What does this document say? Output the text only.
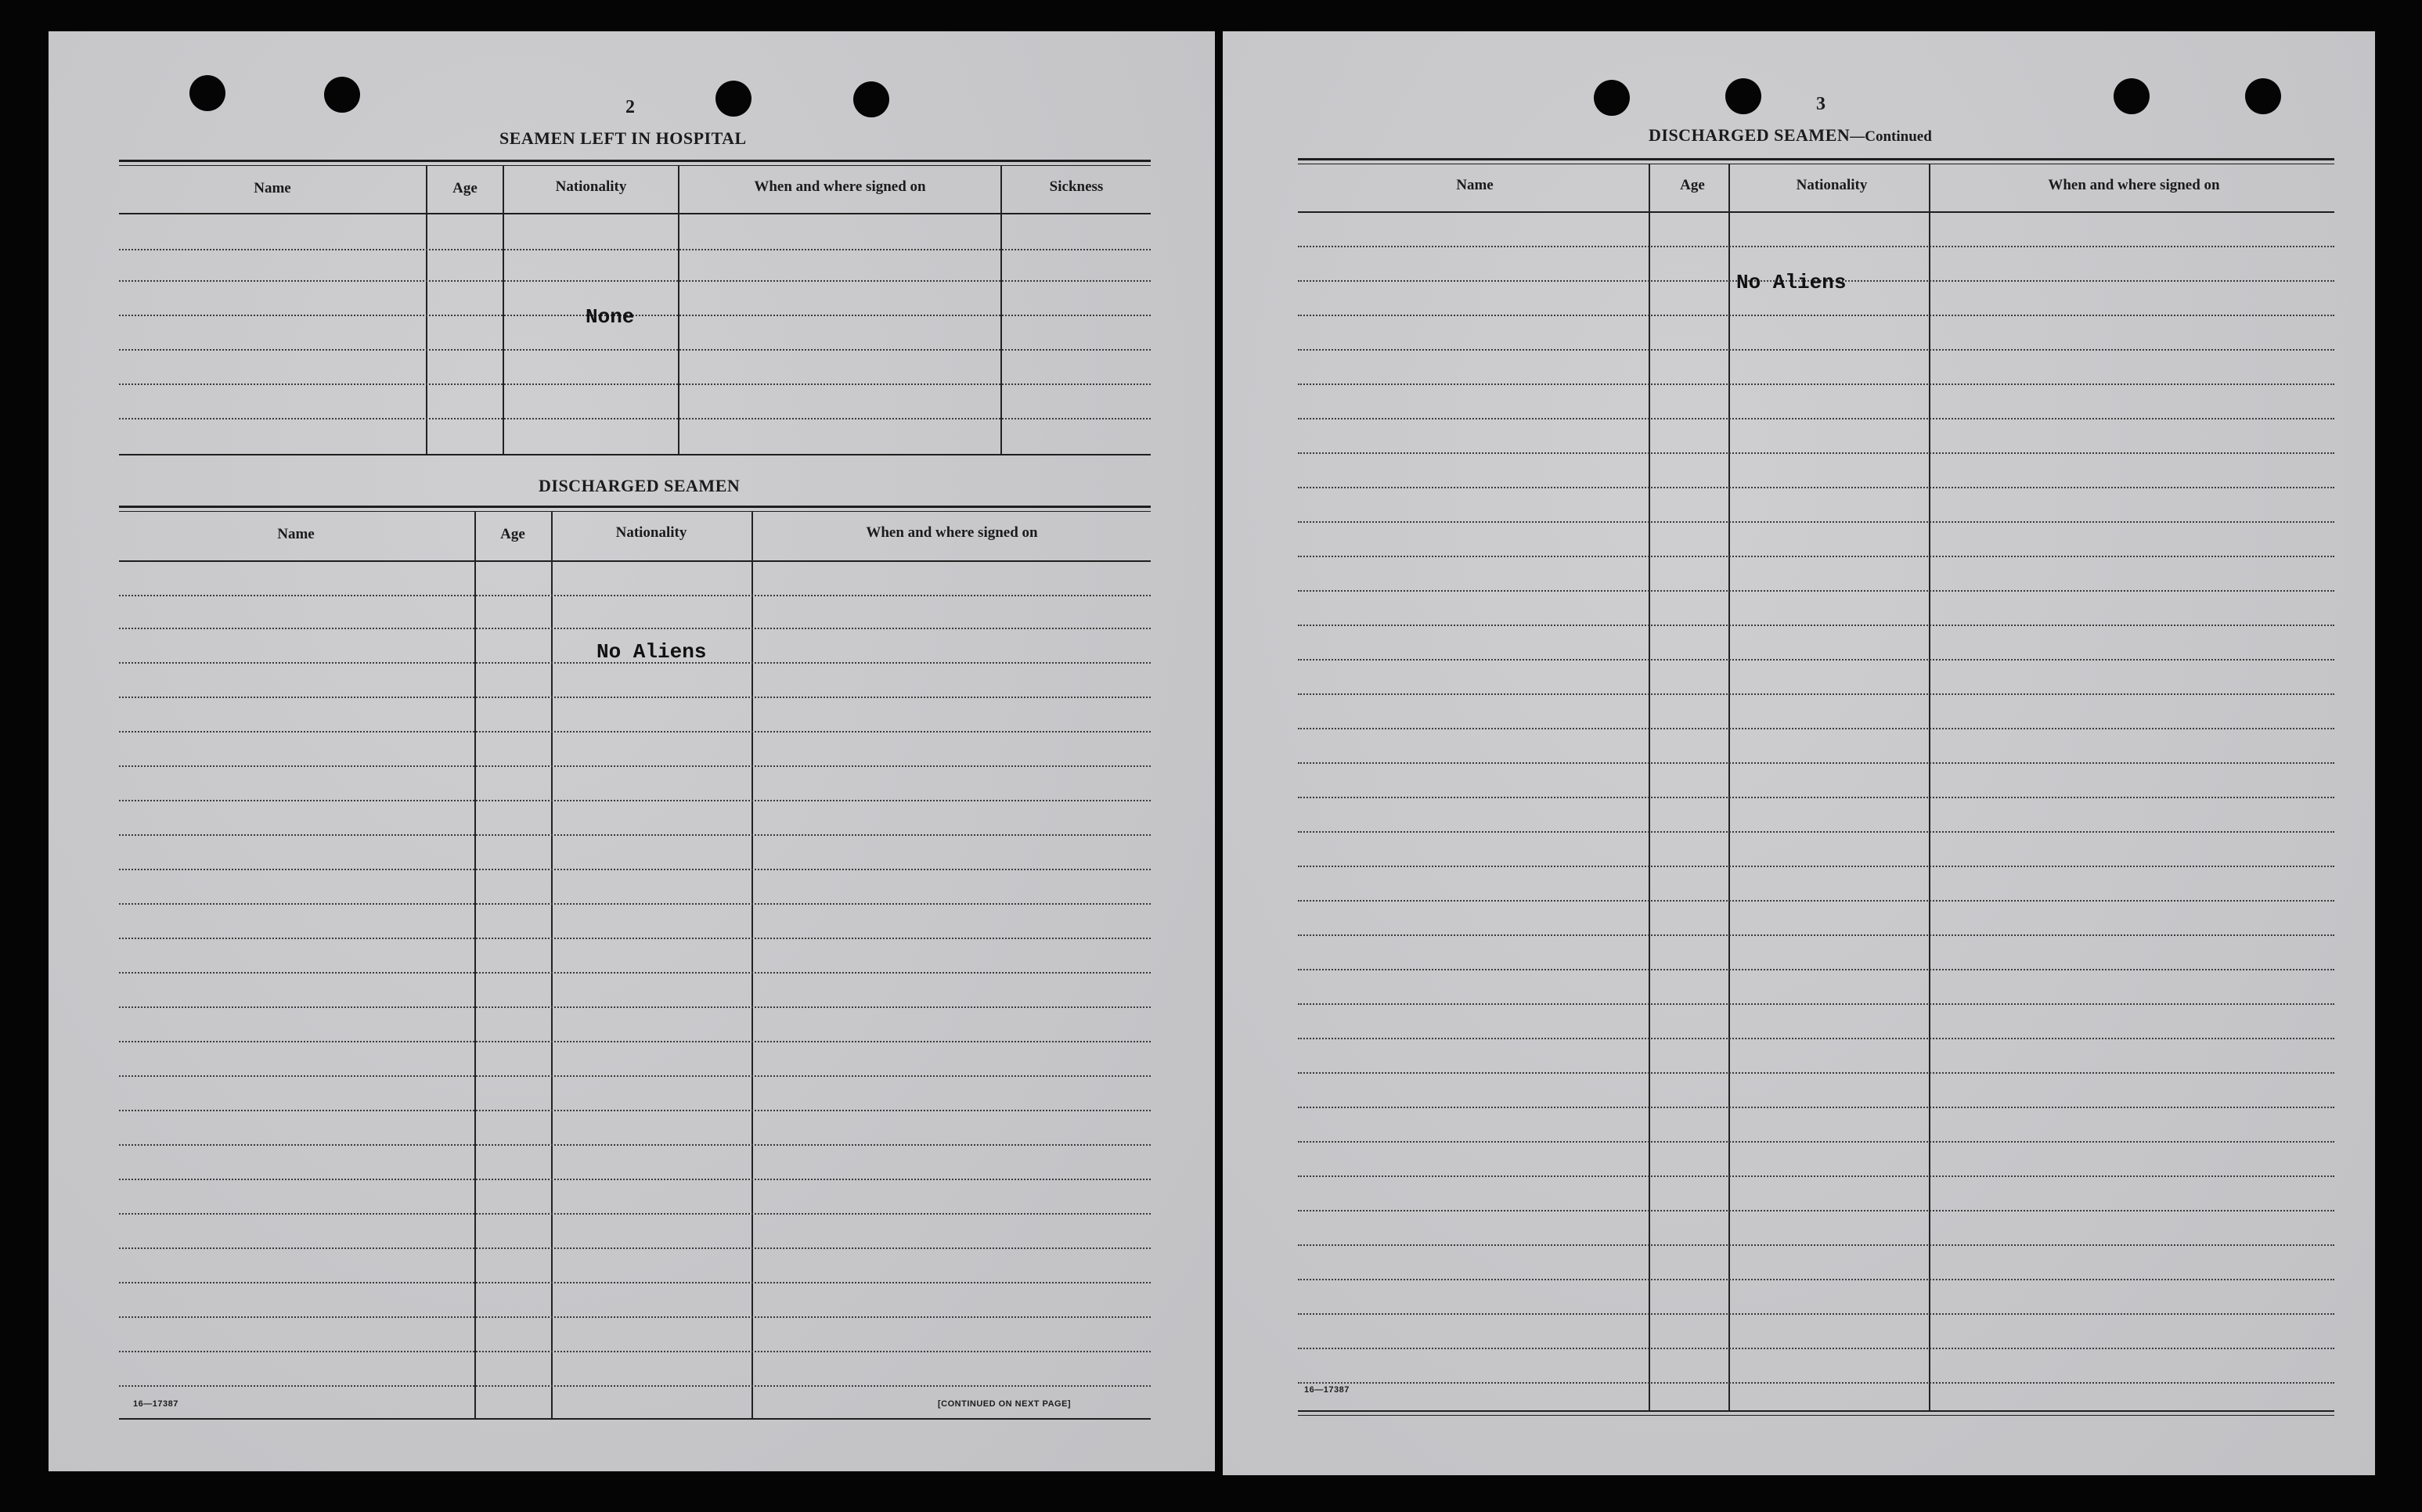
2
SEAMEN LEFT IN HOSPITAL
Name	Age	Nationality	When and where signed on	Sickness
None
DISCHARGED SEAMEN
Name	Age	Nationality	When and where signed on
No Aliens
16—17387	[CONTINUED ON NEXT PAGE]
3
DISCHARGED SEAMEN—Continued
Name	Age	Nationality	When and where signed on
No Aliens
16—17387
